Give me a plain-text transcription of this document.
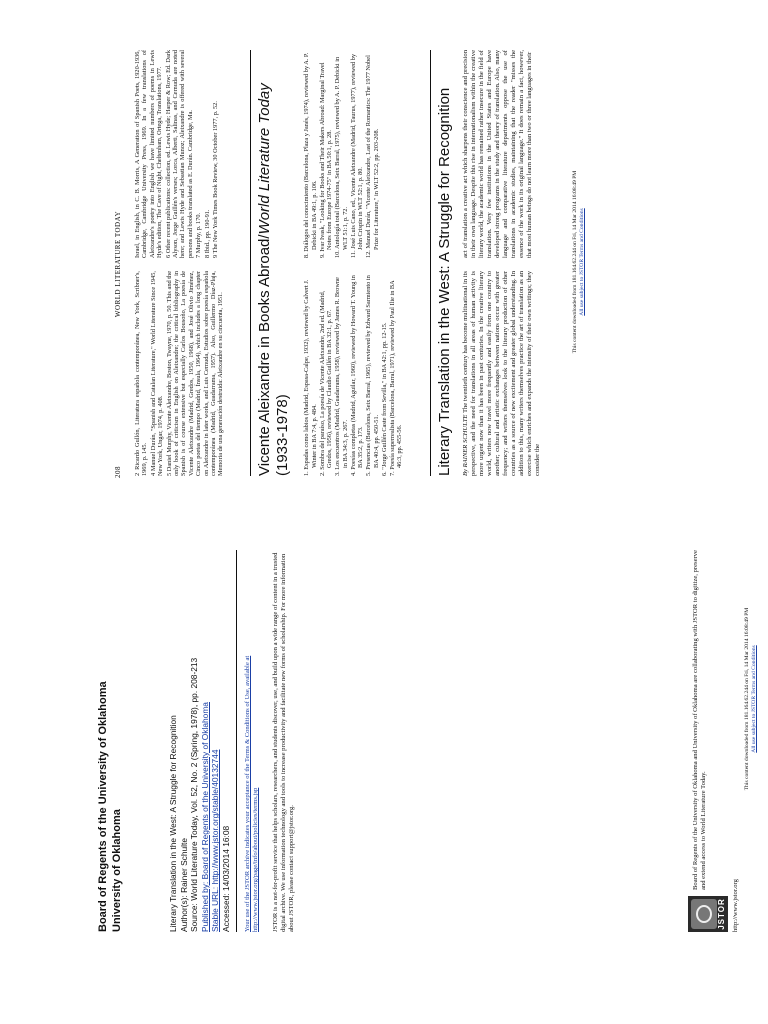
Board of Regents of the University of Oklahoma University of Oklahoma	Literary Translation in the West: A Struggle for Recognition Author(s): Rainer Schulte Source: World Literature Today, Vol. 52, No. 2 (Spring, 1978), pp. 208-213 Published by: Board of Regents of the University of Oklahoma Stable URL: http://www.jstor.org/stable/40132744 Accessed: 14/03/2014 16:08 Your use of the JSTOR archive indicates your acceptance of the Terms & Conditions of Use, available at http://www.jstor.org/page/info/about/policies/terms.jsp JSTOR is a not-for-profit service that helps scholars, researchers, and students discover, use, and build upon a wide range of content in a trusted digital archive. We use information technology and tools to increase productivity and facilitate new forms of scholarship. For more information about JSTOR, please contact support@jstor.org.	JSTOR
Board of Regents of the University of Oklahoma and University of Oklahoma are collaborating with JSTOR to digitize, preserve and extend access to World Literature Today.
http://www.jstor.org
This content downloaded from 181.164.62.244 on Fri, 14 Mar 2014 16:08:49 PM All use subject to JSTOR Terms and Conditions
208
WORLD LITERATURE TODAY
2 Ricardo Gullón, Literatura española contemporánea, New York, Scribner's, 1969, p. 145. 4 Manuel Durán, "Spanish and Catalan Literature," World Literature Since 1945, New York, Ungar, 1974, p. 408. 5 Daniel Murphy, Vicente Aleixandre, Boston, Twayne, 1970, p. 50. This and the only book of criticism in English on Aleixandre; the critical bibliography in Spanish is of course extensive but especially Carlos Bousoño, La poesía de Vicente Aleixandre (Madrid, Gredos, 1950, 1968), and José Olivio Jiménez, Cinco poetas del tiempo (Madrid, Ínsula, 1964), which includes a long chapter on Aleixandre in later works, and Luis Cernuda, Estudios sobre poesía española contemporánea (Madrid, Guadarrama, 1957). Also, Guillermo Díaz-Plaja, Memoria de una generación destruida: Aleixandre en su cincuenta, 1951.
Israel, in English, in C. B. Morris, A Generation of Spanish Poets, 1920-1936, Cambridge, Cambridge University Press, 1969. In a few translations of Aleixandre's poetry into English we have limited numbers of poems in Lewis Hyde's edition, The Cave of Night, Cheltenham, Ortega, Translations, 1977. 6 Other recent publications: collection, ed. Lewis Hyde; Harper & Row; Ed. Dark Alyson, Jorge Guillén's verses; Lorca, Alberti, Salinas, and Cernuda are noted here; and Lewis Hyde and Sebastian Munoz; Aleixandre is offered with several persons and books translated as E. Durán. Cambridge, Ma. 7 Murphy, p. 170. 8 Ibid., pp. 190-91. 9 The New York Times Book Review, 30 October 1977, p. 52.
Vicente Aleixandre in Books Abroad/World Literature Today
(1933-1978) 1. Espadas como labios (Madrid, Espasa-Calpe, 1932), reviewed by Calvert J. Winter in BA 7:4, p. 484. 2. Sombra del paraíso, La poesía de Vicente Aleixandre, 2nd ed. (Madrid, Gredos, 1956), reviewed by Claudio Guillén in BA 32:1, p. 67. 3. Los encuentros (Madrid, Guadarrama, 1958), reviewed by James R. Browne in BA 34:3, p. 267. 4. Poesías completas (Madrid, Aguilar, 1960), reviewed by Howard T. Young in BA 35:2, p. 173. 5. Presencias (Barcelona, Seix Barral, 1965), reviewed by Edward Sarmiento in BA 40:4, pp. 450-51. 6. "Jorge Guillén Caste from Sevilla," in BA 42:1, pp. 12-15. 7. Poesía superrealista (Barcelona, Barral, 1971), reviewed by Paul Ilie in BA 46:3, pp. 455-56.
8. Diálogos del conocimiento (Barcelona, Plaza y Janés, 1974), reviewed by A. P. Debicki in BA 49:1, p. 106. 9. Ivar Ivask, "Looking for Books and Their Makers Abroad: Marginal Travel Notes from Europe 1974-75" in BA 50:1, p. 28. 10. Antología total (Barcelona, Seix Barral, 1975), reviewed by A. P. Debicki in WLT 51:1, p. 72. 11. José Luis Cano, ed., Vicente Aleixandre (Madrid, Taurus, 1977), reviewed by John Crispin in WLT 52:1, p. 80. 12. Manuel Durán, "Vicente Aleixandre, Last of the Romantics: The 1977 Nobel Prize for Literature," in WLT 52:2, pp. 203-208.	Literary Translation in the West: A Struggle for Recognition By RAINER SCHULTE The twentieth century has become multinational in its perspective, and the need for translations in all areas of human activity is more urgent now than it has been in past centuries. In the creative literary world, writers now travel more frequently and easily from one country to another; cultural and artistic exchanges between nations occur with greater frequency; and writers themselves look to the literary production of other countries as a source of new excitement and greater global understanding. In addition to this, many writers themselves practice the art of translation as an exercise which enriches and expands the intensity of their own writings; they consider the
act of translation a creative act which sharpens their conscience and precision in their own language. Despite this rise in internationalism within the creative literary world, the academic world has remained rather insecure in the field of translation. Very few institutions in the United States and Europe have developed strong programs in the study and theory of translation. Also, many language and comparative literature departments oppose the use of translations in academic studies, maintaining that the reader "misses the essence of the work in its original language." It does remain a fact, however, that most human beings do not learn more than two or three languages in their
This content downloaded from 181.164.62.244 on Fri, 14 Mar 2014 16:08:49 PM All use subject to JSTOR Terms and Conditions
